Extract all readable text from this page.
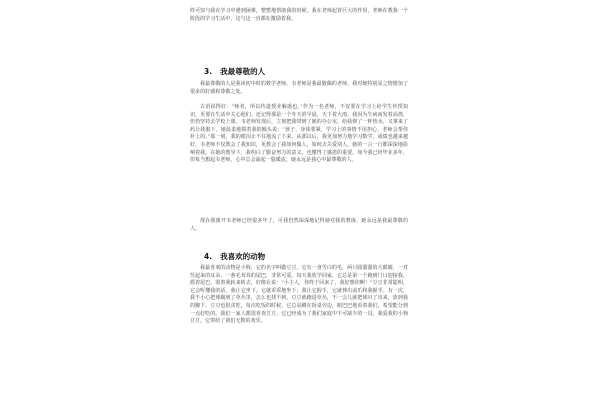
终可知与我在学习中遇到困难，整整地帮助我的时候。我在老师起着巨大的作用，老师在教我一个阶段的学习生活中，这与这一直都在激励着我。

3. 我最尊敬的人

我最尊敬的人是我读初中时的数学老师，韦老师是我最敬佩的老师，我对她特别是之情增加了很多的好感和尊敬之处。

古语说得好：“师者，所以传道授业解惑也。”作为一名老师，不仅要在学习上给学生传授知识，更要在生活中关心他们。还记得那是一个冬天的早晨，天下着大雨，我因为生病而发着高烧，但仍坚持去学校上课。韦老师发现后，立刻把我带到了她的办公室，给我倒了一杯热水，又拿来了药让我服下。她温柔地摸着我的额头说：“孩子，身体要紧，学习上的事情不用担心，老师会帮你补上的。”那一刻，我的眼泪止不住地流了下来。从那以后，我更加努力地学习数学，成绩也越来越好。韦老师不仅教会了我知识，更教会了我如何做人，如何去关爱别人，她的一言一行都深深地影响着我。在她的教导下，我明白了勤奋努力的意义，也懂得了感恩的重要。如今我已经毕业多年，但每当想起韦老师，心中总会涌起一股暖流，她永远是我心中最尊敬的人。

现在我离开韦老师已经很多年了，可我仍然深深地记得她对我的教诲，她永远是我最尊敬的人。

4. 我喜欢的动物

我最喜欢的动物是小狗，它的名字叫做豆豆，它有一身雪白的毛，两只圆溜溜的大眼睛，一对竖起来的耳朵，一条毛茸茸的尾巴，非常可爱。每天我放学回家，它总是第一个跑到门口迎接我，摇着尾巴，围着我转来转去，好像在说：“小主人，你终于回来了，我好想你啊！”豆豆非常聪明，它会听懂我的话，我让它坐下，它就乖乖地坐下；我让它握手，它就伸出前爪和我握手。有一次，我不小心把球踢到了草丛里，怎么也找不到，豆豆就跑进草丛，不一会儿就把球叼了出来，放到我的脚下。豆豆也很贪吃，每次吃饭的时候，它总是蹲在饭桌旁边，眼巴巴地看着我们，希望能分到一点好吃的。我们一家人都很喜欢豆豆，它已经成为了我们家庭中不可缺少的一员。我爱我的小狗豆豆，它带给了我们无数的欢乐。
